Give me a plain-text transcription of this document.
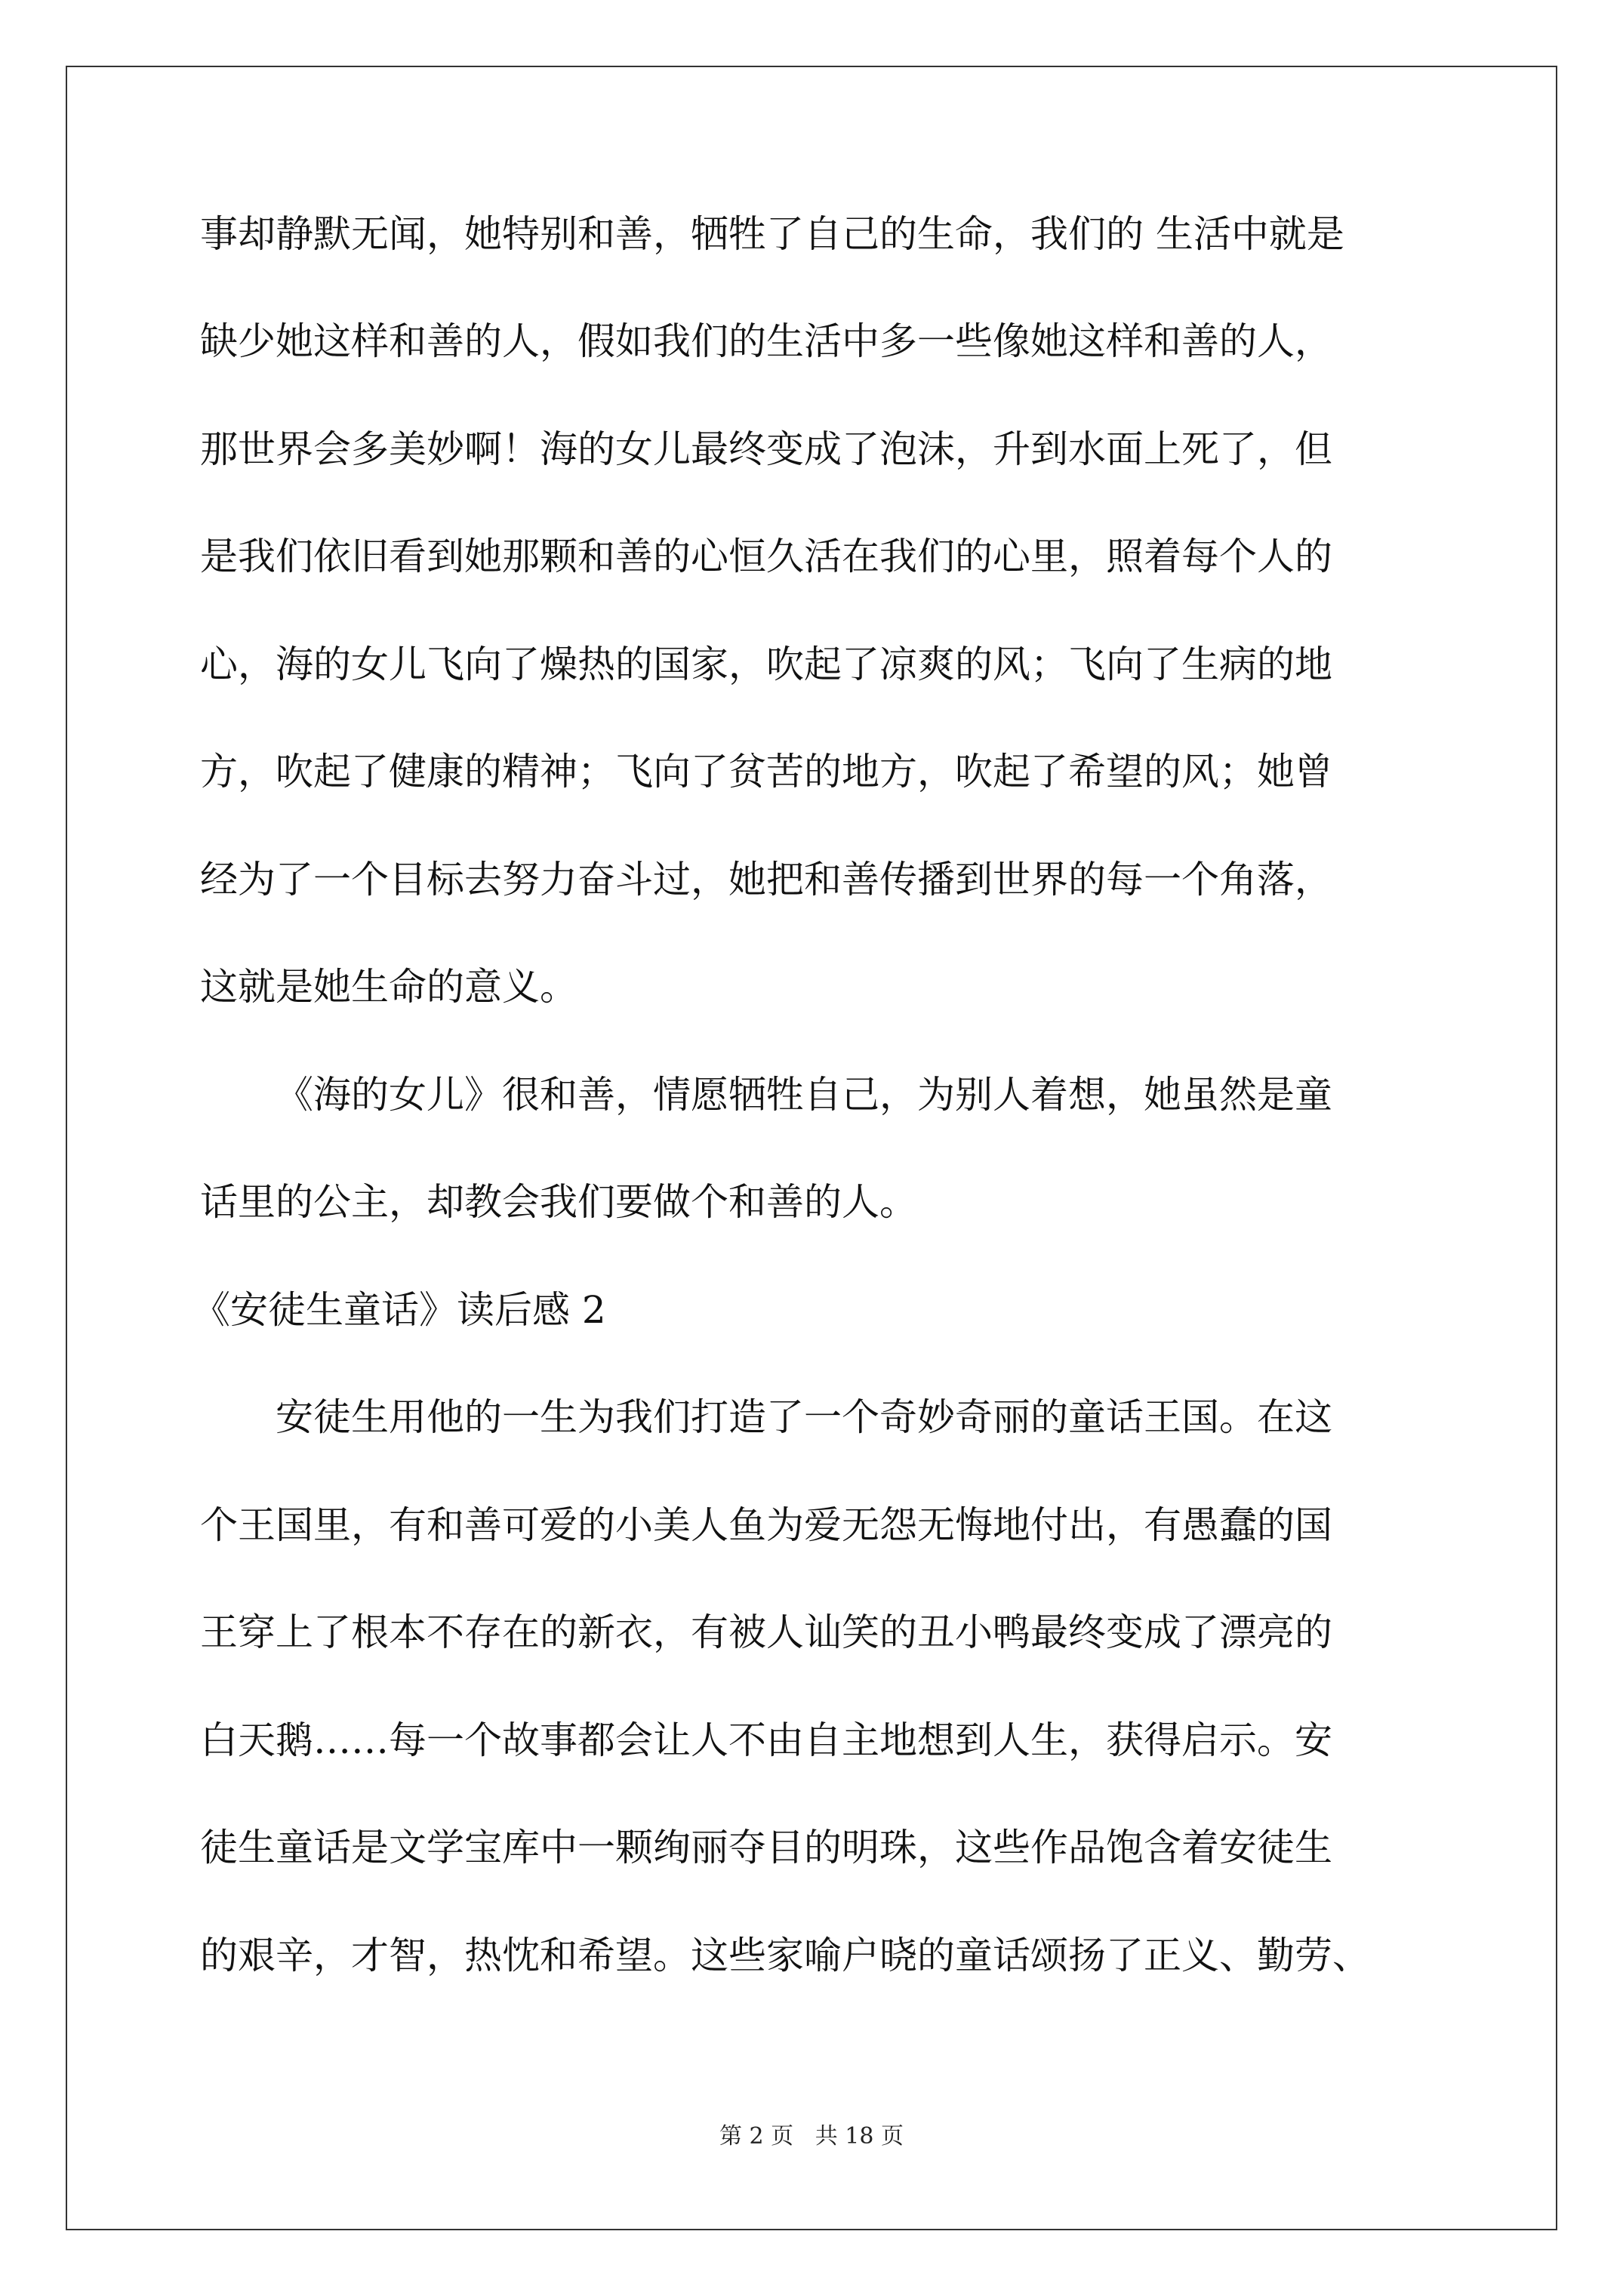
事却静默无闻，她特别和善，牺牲了自己的生命，我们的 生活中就是
缺少她这样和善的人，假如我们的生活中多一些像她这样和善的人，
那世界会多美妙啊！海的女儿最终变成了泡沫，升到水面上死了，但
是我们依旧看到她那颗和善的心恒久活在我们的心里，照着每个人的
心，海的女儿飞向了燥热的国家，吹起了凉爽的风；飞向了生病的地
方，吹起了健康的精神；飞向了贫苦的地方，吹起了希望的风；她曾
经为了一个目标去努力奋斗过，她把和善传播到世界的每一个角落，
这就是她生命的意义。
《海的女儿》很和善，情愿牺牲自己，为别人着想，她虽然是童
话里的公主，却教会我们要做个和善的人。
《安徒生童话》读后感 2
安徒生用他的一生为我们打造了一个奇妙奇丽的童话王国。在这
个王国里，有和善可爱的小美人鱼为爱无怨无悔地付出，有愚蠢的国
王穿上了根本不存在的新衣，有被人讪笑的丑小鸭最终变成了漂亮的
白天鹅……每一个故事都会让人不由自主地想到人生，获得启示。安
徒生童话是文学宝库中一颗绚丽夺目的明珠，这些作品饱含着安徒生
的艰辛，才智，热忱和希望。这些家喻户晓的童话颂扬了正义、勤劳、
第 2 页   共 18 页
